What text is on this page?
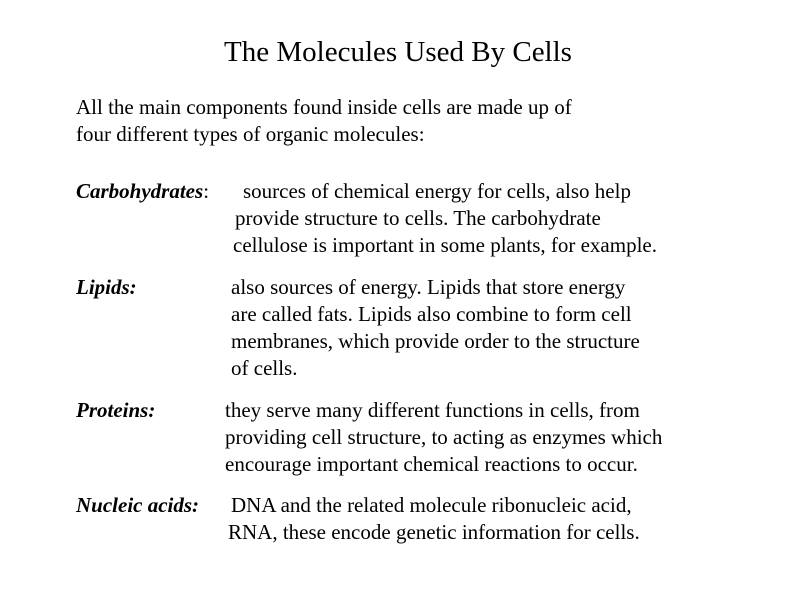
The Molecules Used By Cells
All the main components found inside cells are made up of
four different types of organic molecules:
Carbohydrates: sources of chemical energy for cells, also help
provide structure to cells. The carbohydrate
cellulose is important in some plants, for example.
Lipids:	also sources of energy. Lipids that store energy
are called fats. Lipids also combine to form cell
membranes, which provide order to the structure
of cells.
Proteins:	they serve many different functions in cells, from
providing cell structure, to acting as enzymes which
encourage important chemical reactions to occur.
Nucleic acids: DNA and the related molecule ribonucleic acid,
RNA, these encode genetic information for cells.
